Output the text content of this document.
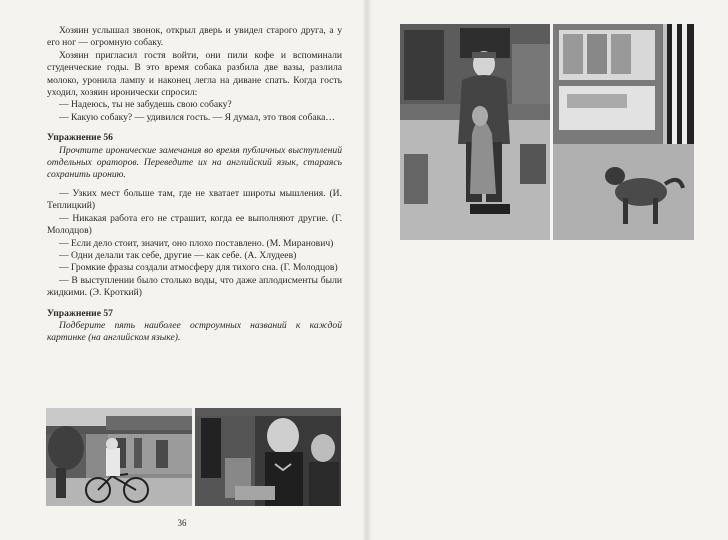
Хозяин услышал звонок, открыл дверь и увидел старого друга, а у его ног — огромную собаку.

Хозяин пригласил гостя войти, они пили кофе и вспоминали студенческие годы. В это время собака разбила две вазы, разлила молоко, уронила лампу и наконец легла на диване спать. Когда гость уходил, хозяин иронически спросил:

— Надеюсь, ты не забудешь свою собаку?

— Какую собаку? — удивился гость. — Я думал, это твоя собака…

Упражнение 56

Прочтите иронические замечания во время публичных выступлений отдельных ораторов. Переведите их на английский язык, стараясь сохранить иронию.

— Узких мест больше там, где не хватает широты мышления. (И. Теплицкий)

— Никакая работа его не страшит, когда ее выполняют другие. (Г. Молодцов)

— Если дело стоит, значит, оно плохо поставлено. (М. Миранович)

— Одни делали так себе, другие — как себе. (А. Хлудеев)

— Громкие фразы создали атмосферу для тихого сна. (Г. Молодцов)

— В выступлении было столько воды, что даже аплодисменты были жидкими. (Э. Кроткий)

Упражнение 57

Подберите пять наиболее остроумных названий к каждой картинке (на английском языке).

36
